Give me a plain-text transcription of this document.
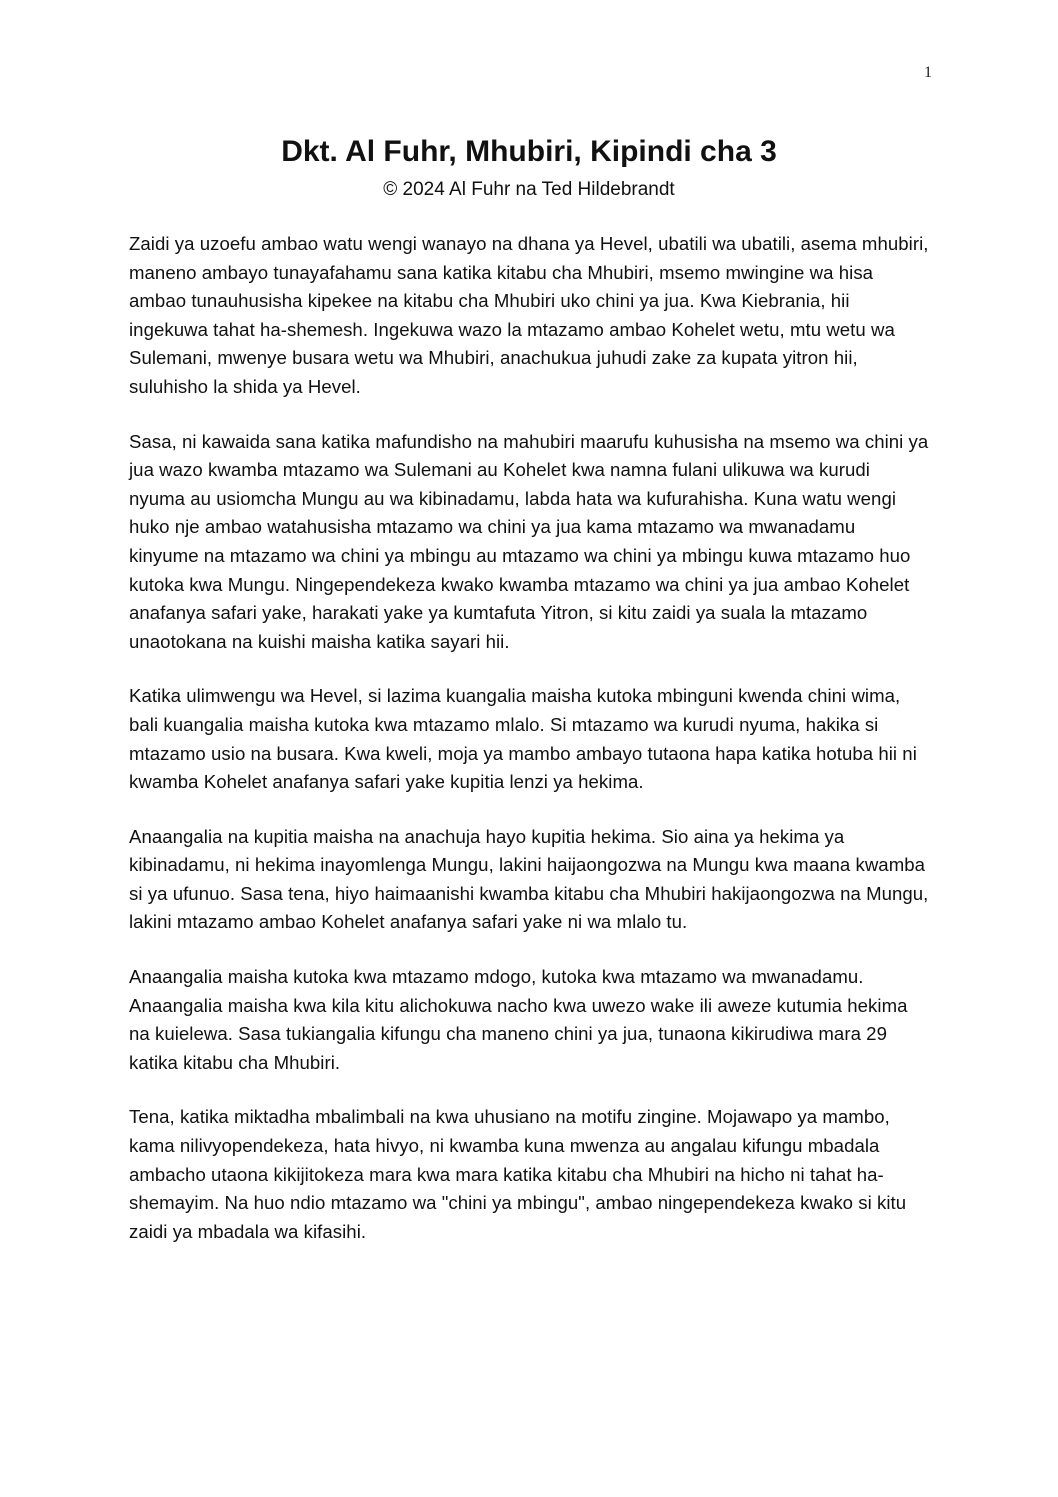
1
Dkt. Al Fuhr, Mhubiri, Kipindi cha 3
© 2024 Al Fuhr na Ted Hildebrandt

Zaidi ya uzoefu ambao watu wengi wanayo na dhana ya Hevel, ubatili wa ubatili, asema mhubiri, maneno ambayo tunayafahamu sana katika kitabu cha Mhubiri, msemo mwingine wa hisa ambao tunauhusisha kipekee na kitabu cha Mhubiri uko chini ya jua. Kwa Kiebrania, hii ingekuwa tahat ha-shemesh. Ingekuwa wazo la mtazamo ambao Kohelet wetu, mtu wetu wa Sulemani, mwenye busara wetu wa Mhubiri, anachukua juhudi zake za kupata yitron hii, suluhisho la shida ya Hevel.

Sasa, ni kawaida sana katika mafundisho na mahubiri maarufu kuhusisha na msemo wa chini ya jua wazo kwamba mtazamo wa Sulemani au Kohelet kwa namna fulani ulikuwa wa kurudi nyuma au usiomcha Mungu au wa kibinadamu, labda hata wa kufurahisha. Kuna watu wengi huko nje ambao watahusisha mtazamo wa chini ya jua kama mtazamo wa mwanadamu kinyume na mtazamo wa chini ya mbingu au mtazamo wa chini ya mbingu kuwa mtazamo huo kutoka kwa Mungu. Ningependekeza kwako kwamba mtazamo wa chini ya jua ambao Kohelet anafanya safari yake, harakati yake ya kumtafuta Yitron, si kitu zaidi ya suala la mtazamo unaotokana na kuishi maisha katika sayari hii.

Katika ulimwengu wa Hevel, si lazima kuangalia maisha kutoka mbinguni kwenda chini wima, bali kuangalia maisha kutoka kwa mtazamo mlalo. Si mtazamo wa kurudi nyuma, hakika si mtazamo usio na busara. Kwa kweli, moja ya mambo ambayo tutaona hapa katika hotuba hii ni kwamba Kohelet anafanya safari yake kupitia lenzi ya hekima.

Anaangalia na kupitia maisha na anachuja hayo kupitia hekima. Sio aina ya hekima ya kibinadamu, ni hekima inayomlenga Mungu, lakini haijaongozwa na Mungu kwa maana kwamba si ya ufunuo. Sasa tena, hiyo haimaanishi kwamba kitabu cha Mhubiri hakijaongozwa na Mungu, lakini mtazamo ambao Kohelet anafanya safari yake ni wa mlalo tu.

Anaangalia maisha kutoka kwa mtazamo mdogo, kutoka kwa mtazamo wa mwanadamu. Anaangalia maisha kwa kila kitu alichokuwa nacho kwa uwezo wake ili aweze kutumia hekima na kuielewa. Sasa tukiangalia kifungu cha maneno chini ya jua, tunaona kikirudiwa mara 29 katika kitabu cha Mhubiri.

Tena, katika miktadha mbalimbali na kwa uhusiano na motifu zingine. Mojawapo ya mambo, kama nilivyopendekeza, hata hivyo, ni kwamba kuna mwenza au angalau kifungu mbadala ambacho utaona kikijitokeza mara kwa mara katika kitabu cha Mhubiri na hicho ni tahat ha-shemayim. Na huo ndio mtazamo wa "chini ya mbingu", ambao ningependekeza kwako si kitu zaidi ya mbadala wa kifasihi.
